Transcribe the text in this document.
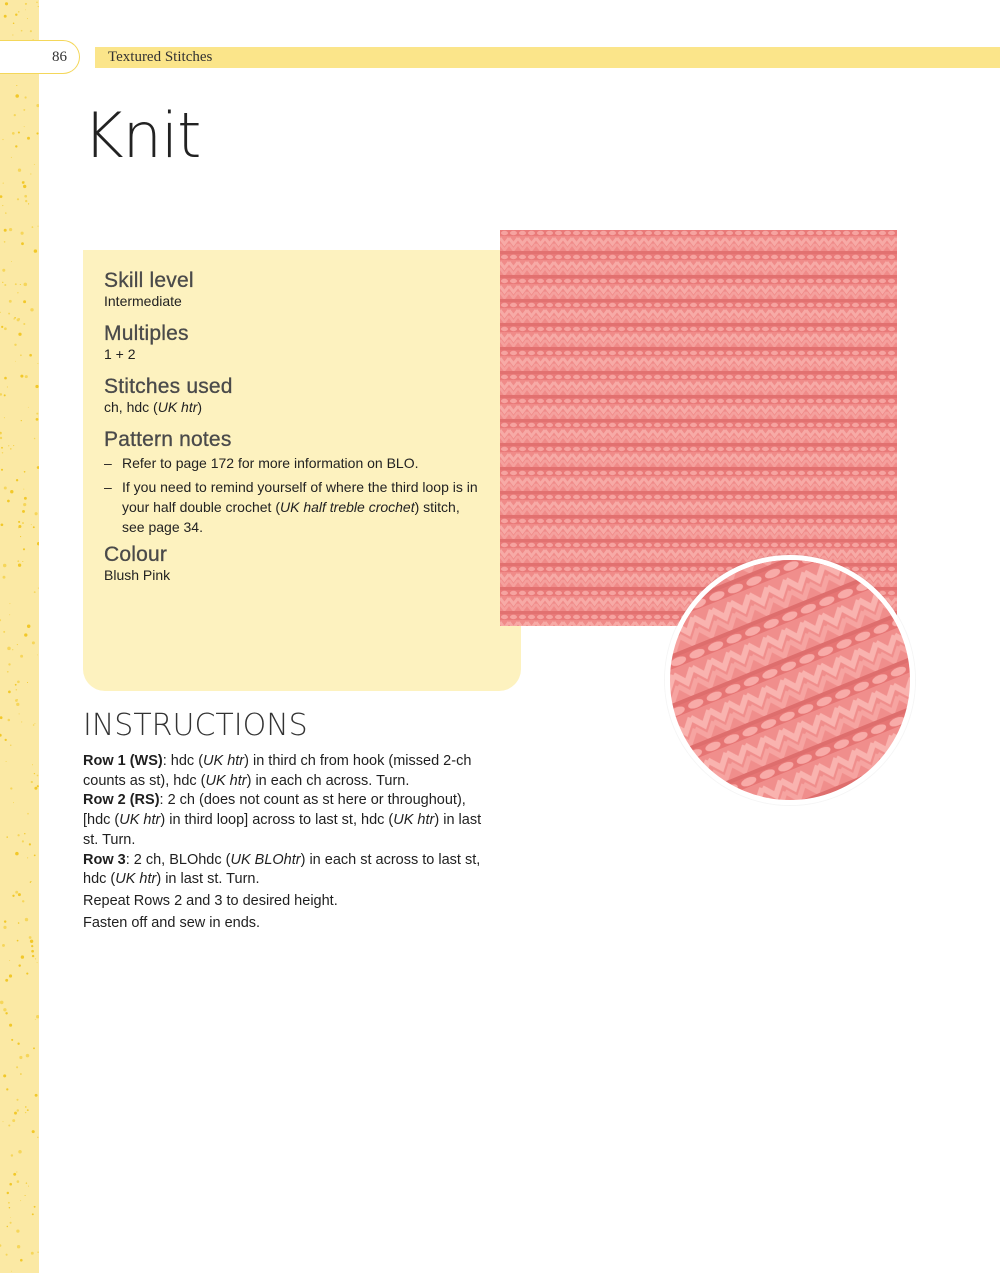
Textured Stitches
86
Knit
Skill level
Intermediate
Multiples
1 + 2
Stitches used
ch, hdc (UK htr)
Pattern notes
– Refer to page 172 for more information on BLO.
– If you need to remind yourself of where the third loop is in your half double crochet (UK half treble crochet) stitch, see page 34.
Colour
Blush Pink
INSTRUCTIONS

Row 1 (WS): hdc (UK htr) in third ch from hook (missed 2-ch counts as st), hdc (UK htr) in each ch across. Turn.

Row 2 (RS): 2 ch (does not count as st here or throughout), [hdc (UK htr) in third loop] across to last st, hdc (UK htr) in last st. Turn.

Row 3: 2 ch, BLOhdc (UK BLOhtr) in each st across to last st, hdc (UK htr) in last st. Turn.

Repeat Rows 2 and 3 to desired height.

Fasten off and sew in ends.
